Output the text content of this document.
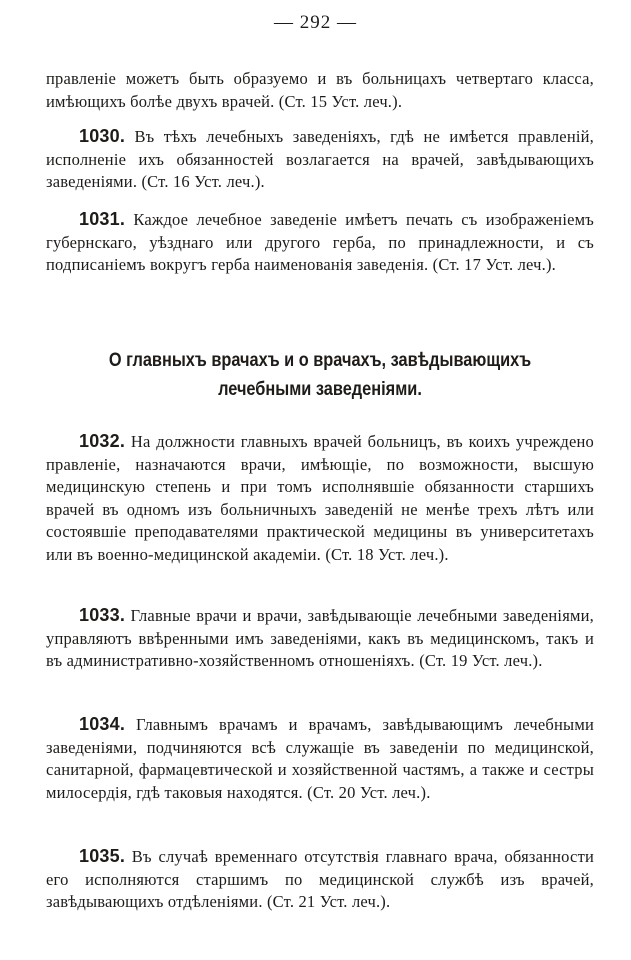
— 292 —

правленіе можетъ быть образуемо и въ больницахъ четвертаго класса, имѣющихъ болѣе двухъ врачей. (Ст. 15 Уст. леч.).

1030. Въ тѣхъ лечебныхъ заведеніяхъ, гдѣ не имѣется правленій, исполненіе ихъ обязанностей возлагается на врачей, завѣдывающихъ заведеніями. (Ст. 16 Уст. леч.).

1031. Каждое лечебное заведеніе имѣетъ печать съ изображеніемъ губернскаго, уѣзднаго или другого герба, по принадлежности, и съ подписаніемъ вокругъ герба наименованія заведенія. (Ст. 17 Уст. леч.).

О главныхъ врачахъ и о врачахъ, завѣдывающихъ
лечебными заведеніями.

1032. На должности главныхъ врачей больницъ, въ коихъ учреждено правленіе, назначаются врачи, имѣющіе, по возможности, высшую медицинскую степень и при томъ исполнявшіе обязанности старшихъ врачей въ одномъ изъ больничныхъ заведеній не менѣе трехъ лѣтъ или состоявшіе преподавателями практической медицины въ университетахъ или въ военно-медицинской академіи. (Ст. 18 Уст. леч.).

1033. Главные врачи и врачи, завѣдывающіе лечебными заведеніями, управляютъ ввѣренными имъ заведеніями, какъ въ медицинскомъ, такъ и въ административно-хозяйственномъ отношеніяхъ. (Ст. 19 Уст. леч.).

1034. Главнымъ врачамъ и врачамъ, завѣдывающимъ лечебными заведеніями, подчиняются всѣ служащіе въ заведеніи по медицинской, санитарной, фармацевтической и хозяйственной частямъ, а также и сестры милосердія, гдѣ таковыя находятся. (Ст. 20 Уст. леч.).

1035. Въ случаѣ временнаго отсутствія главнаго врача, обязанности его исполняются старшимъ по медицинской службѣ изъ врачей, завѣдывающихъ отдѣленіями. (Ст. 21 Уст. леч.).
